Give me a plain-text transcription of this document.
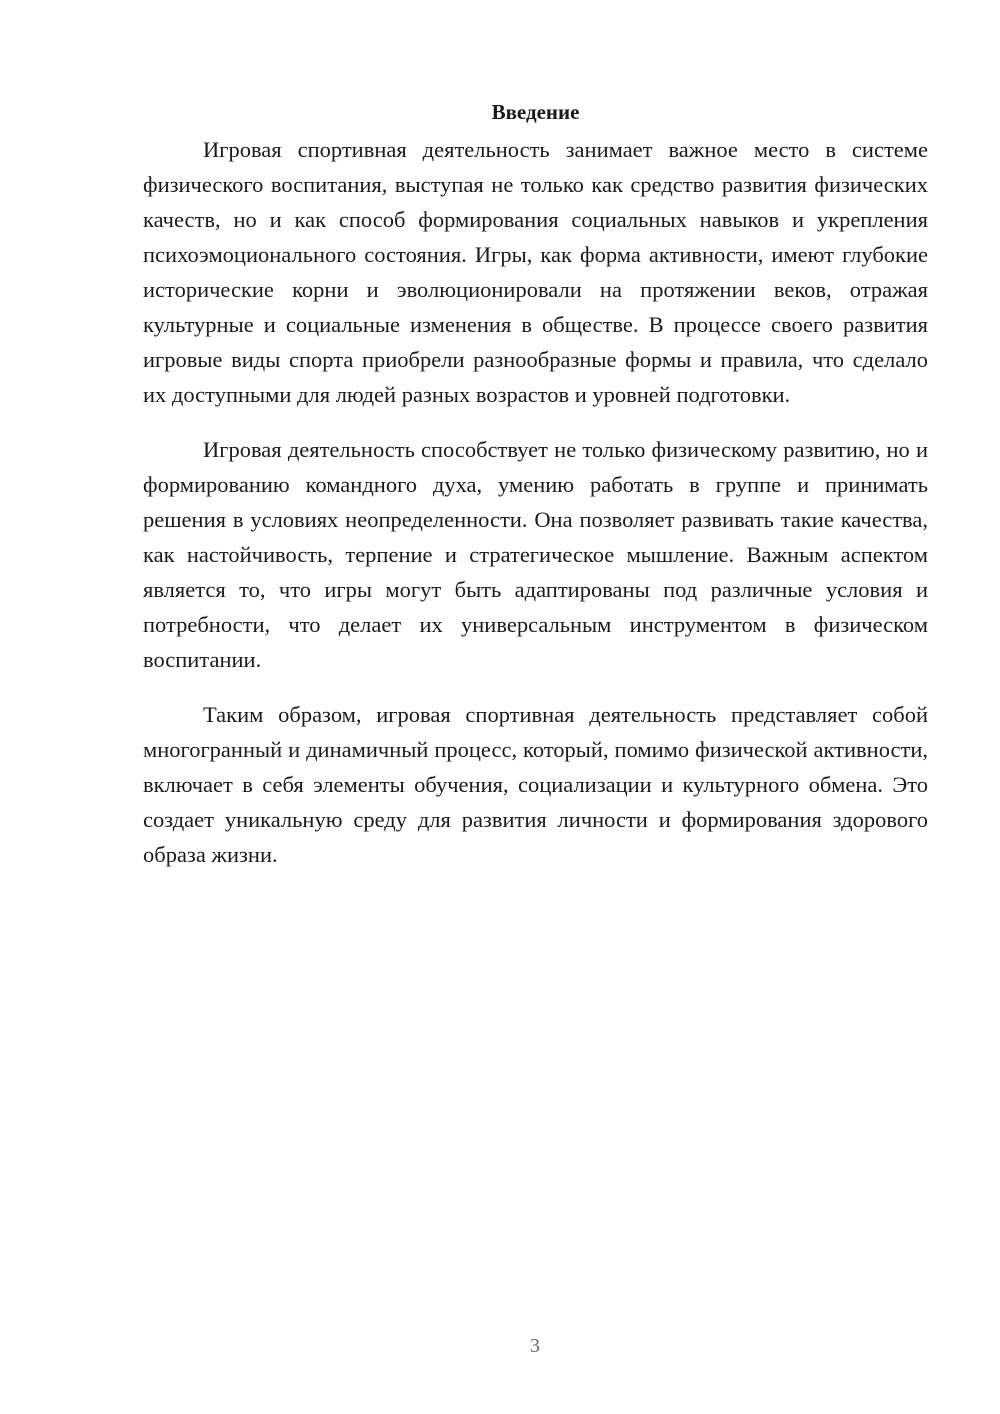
Введение

Игровая спортивная деятельность занимает важное место в системе физического воспитания, выступая не только как средство развития физических качеств, но и как способ формирования социальных навыков и укрепления психоэмоционального состояния. Игры, как форма активности, имеют глубокие исторические корни и эволюционировали на протяжении веков, отражая культурные и социальные изменения в обществе. В процессе своего развития игровые виды спорта приобрели разнообразные формы и правила, что сделало их доступными для людей разных возрастов и уровней подготовки.

Игровая деятельность способствует не только физическому развитию, но и формированию командного духа, умению работать в группе и принимать решения в условиях неопределенности. Она позволяет развивать такие качества, как настойчивость, терпение и стратегическое мышление. Важным аспектом является то, что игры могут быть адаптированы под различные условия и потребности, что делает их универсальным инструментом в физическом воспитании.

Таким образом, игровая спортивная деятельность представляет собой многогранный и динамичный процесс, который, помимо физической активности, включает в себя элементы обучения, социализации и культурного обмена. Это создает уникальную среду для развития личности и формирования здорового образа жизни.

3
